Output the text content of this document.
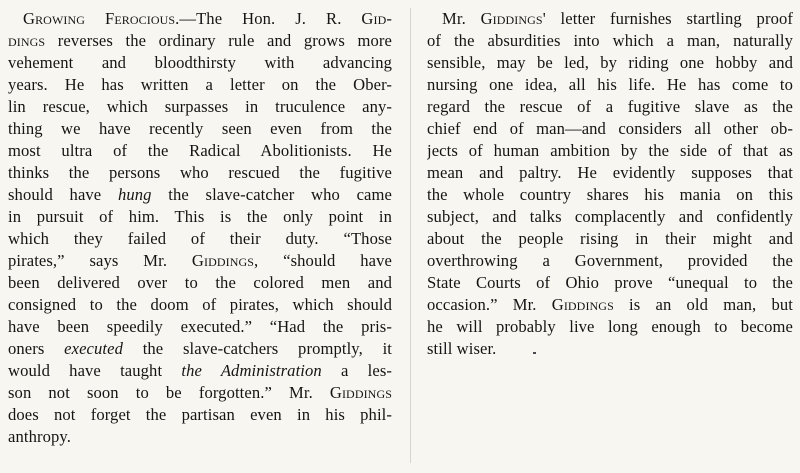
Growing Ferocious.—The Hon. J. R. Gid-
dings reverses the ordinary rule and grows more
vehement and bloodthirsty with advancing
years. He has written a letter on the Ober-
lin rescue, which surpasses in truculence any-
thing we have recently seen even from the
most ultra of the Radical Abolitionists. He
thinks the persons who rescued the fugitive
should have hung the slave-catcher who came
in pursuit of him. This is the only point in
which they failed of their duty. “Those
pirates,” says Mr. Giddings, “should have
been delivered over to the colored men and
consigned to the doom of pirates, which should
have been speedily executed.” “Had the pris-
oners executed the slave-catchers promptly, it
would have taught the Administration a les-
son not soon to be forgotten.” Mr. Giddings
does not forget the partisan even in his phil-
anthropy.
Mr. Giddings' letter furnishes startling proof
of the absurdities into which a man, naturally
sensible, may be led, by riding one hobby and
nursing one idea, all his life. He has come to
regard the rescue of a fugitive slave as the
chief end of man—and considers all other ob-
jects of human ambition by the side of that as
mean and paltry. He evidently supposes that
the whole country shares his mania on this
subject, and talks complacently and confidently
about the people rising in their might and
overthrowing a Government, provided the
State Courts of Ohio prove “unequal to the
occasion.” Mr. Giddings is an old man, but
he will probably live long enough to become
still wiser.
